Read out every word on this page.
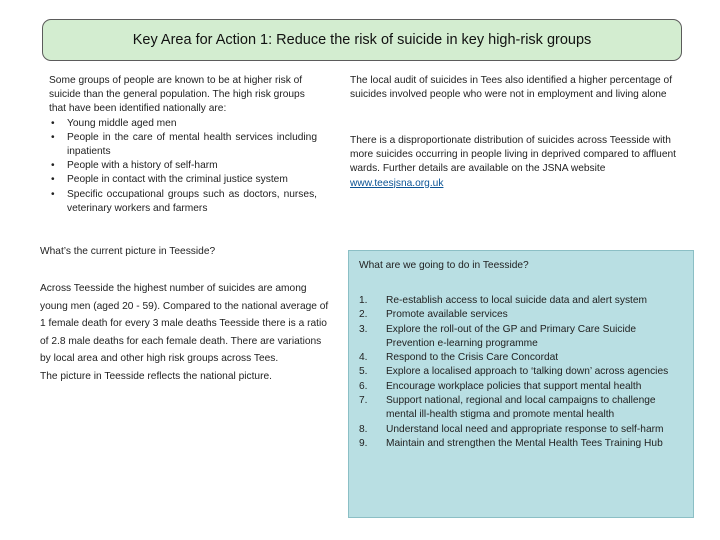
Key Area for Action 1: Reduce the risk of suicide in key high-risk groups

Some groups of people are known to be at higher risk of suicide than the general population. The high risk groups that have been identified nationally are:

• Young middle aged men
• People in the care of mental health services including inpatients
• People with a history of self-harm
• People in contact with the criminal justice system
• Specific occupational groups such as doctors, nurses, veterinary workers and farmers

The local audit of suicides in Tees also identified a higher percentage of suicides involved people who were not in employment and living alone

There is a disproportionate distribution of suicides across Teesside with more suicides occurring in people living in deprived compared to affluent wards. Further details are available on the JSNA website www.teesjsna.org.uk

What’s the current picture in Teesside?

Across Teesside the highest number of suicides are among young men (aged 20 - 59). Compared to the national average of 1 female death for every 3 male deaths Teesside there is a ratio of 2.8 male deaths for each female death. There are variations by local area and other high risk groups across Tees.

The picture in Teesside reflects the national picture.

What are we going to do in Teesside?
1.	Re-establish access to local suicide data and alert system
2.	Promote available services
3.	Explore the roll-out of the GP and Primary Care Suicide Prevention e-learning programme
4.	Respond to the Crisis Care Concordat
5.	Explore a localised approach to ‘talking down’ across agencies
6.	Encourage workplace policies that support mental health
7.	Support national, regional and local campaigns to challenge mental ill-health stigma and promote mental health
8.	Understand local need and appropriate response to self-harm
9.	Maintain and strengthen the Mental Health Tees Training Hub
